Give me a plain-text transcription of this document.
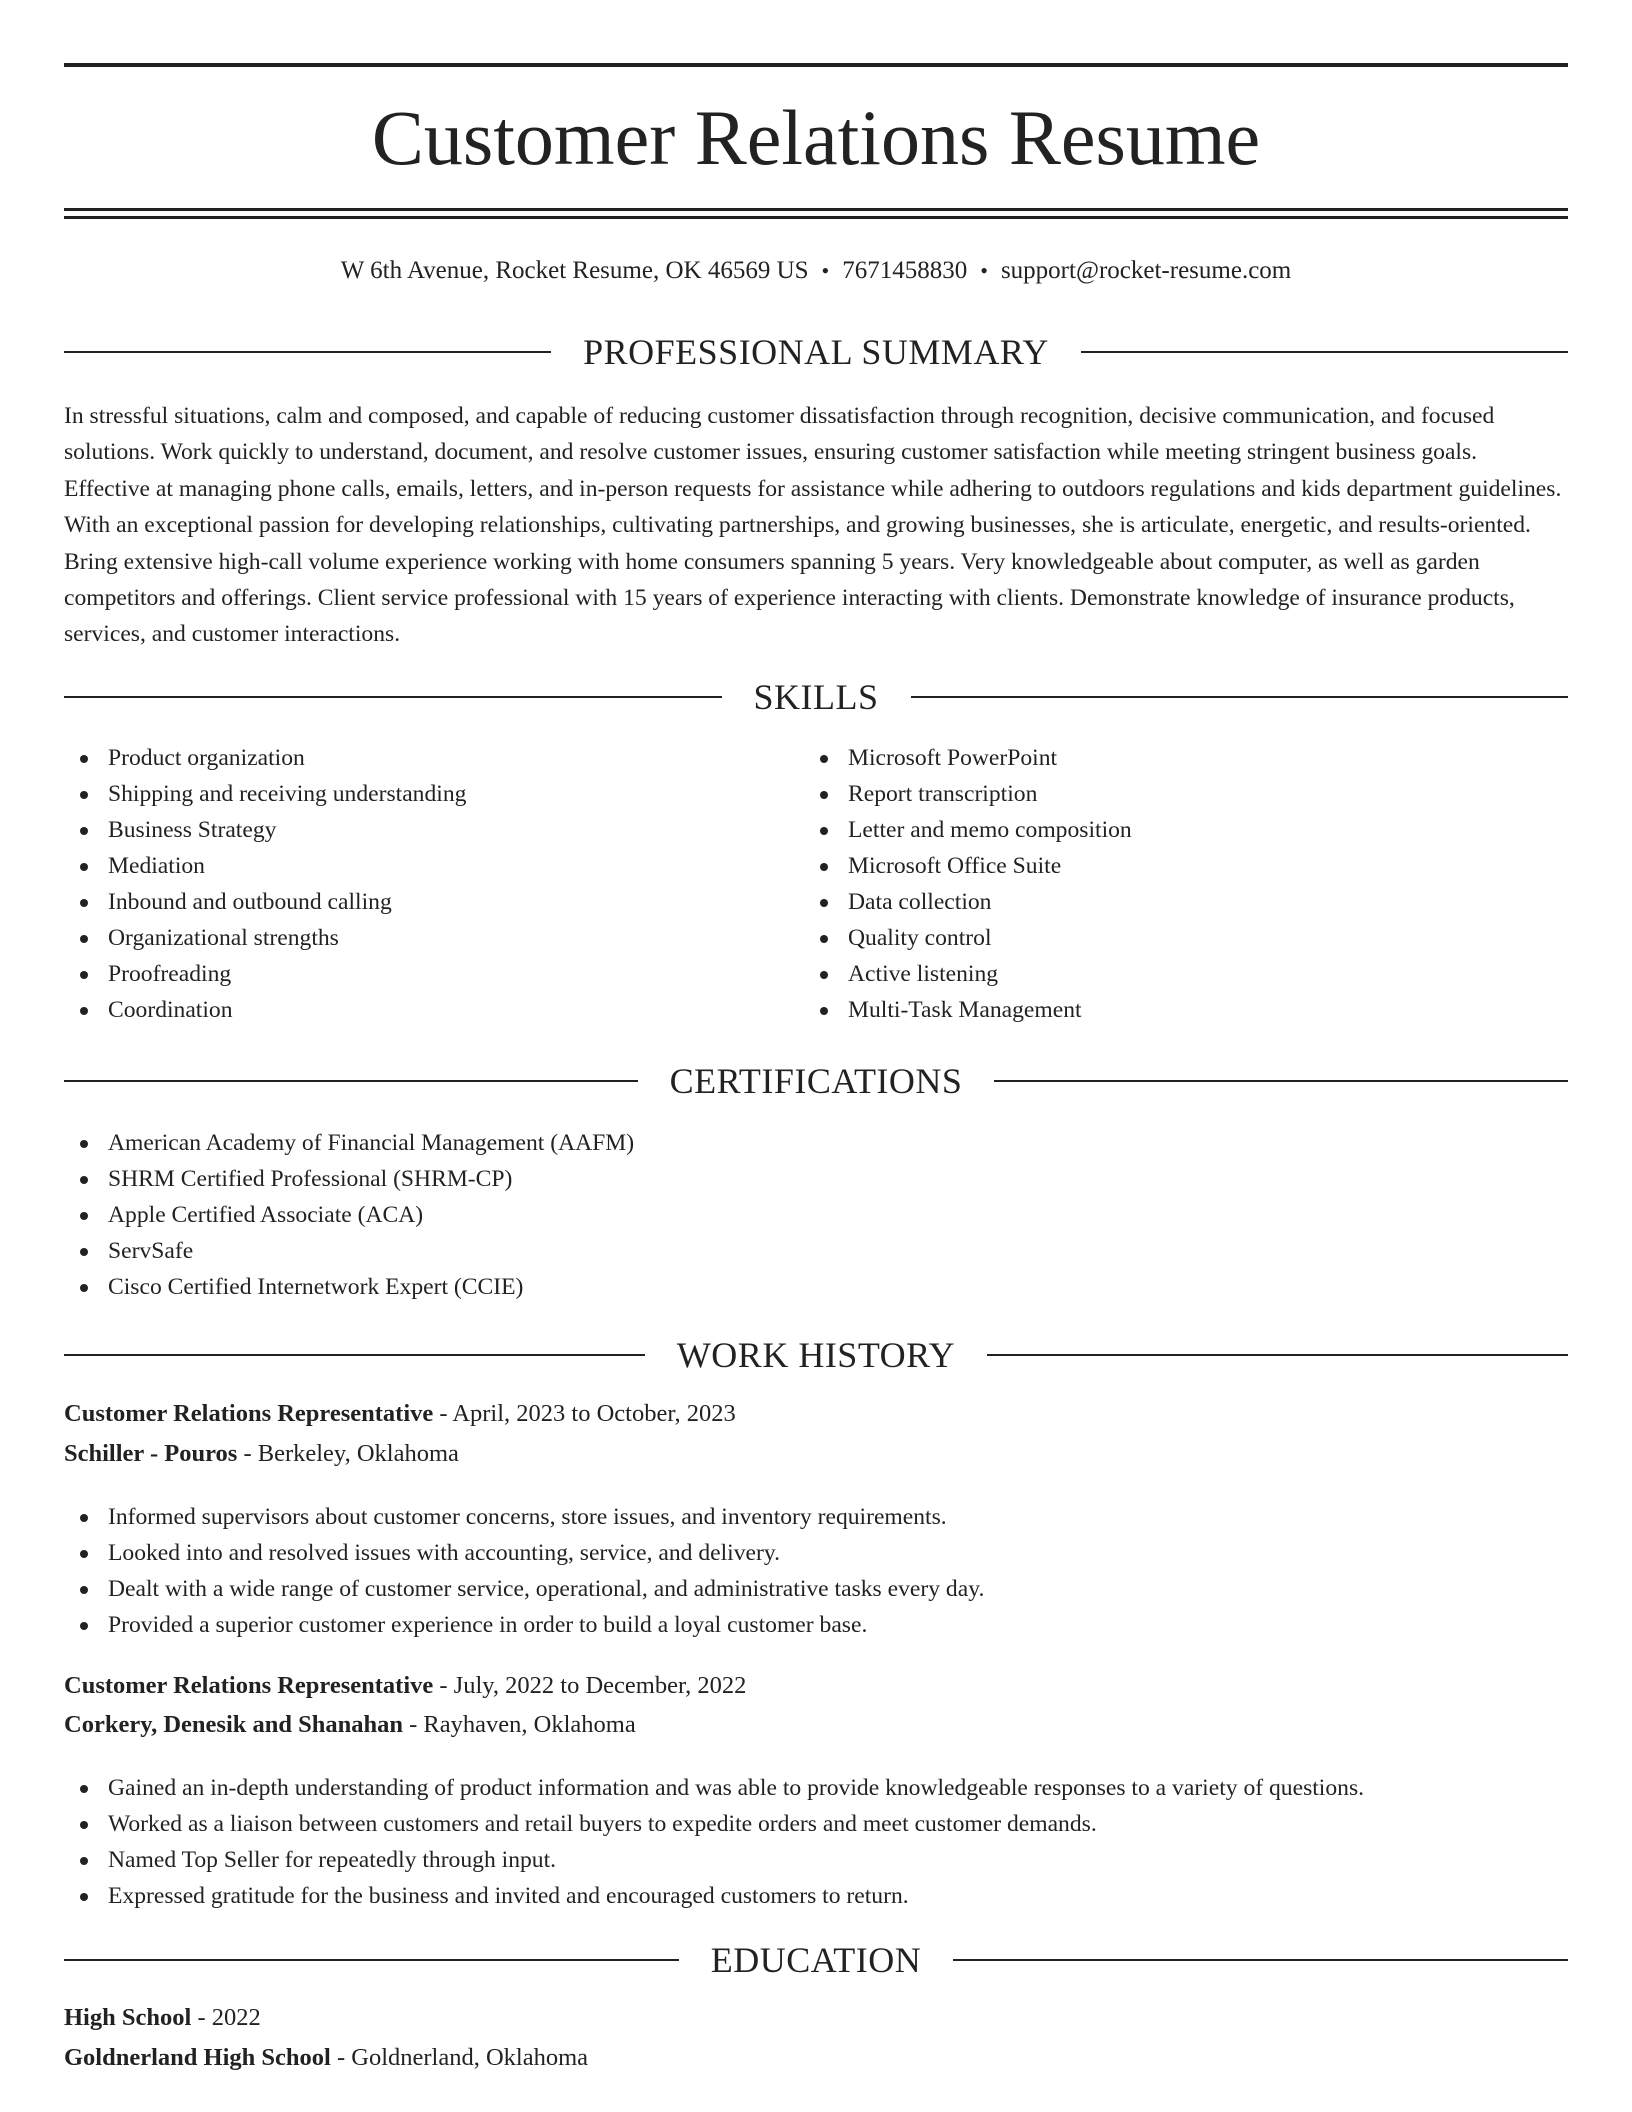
Customer Relations Resume
W 6th Avenue, Rocket Resume, OK 46569 US • 7671458830 • support@rocket-resume.com
PROFESSIONAL SUMMARY

In stressful situations, calm and composed, and capable of reducing customer dissatisfaction through recognition, decisive communication, and focused solutions. Work quickly to understand, document, and resolve customer issues, ensuring customer satisfaction while meeting stringent business goals. Effective at managing phone calls, emails, letters, and in-person requests for assistance while adhering to outdoors regulations and kids department guidelines. With an exceptional passion for developing relationships, cultivating partnerships, and growing businesses, she is articulate, energetic, and results-oriented. Bring extensive high-call volume experience working with home consumers spanning 5 years. Very knowledgeable about computer, as well as garden competitors and offerings. Client service professional with 15 years of experience interacting with clients. Demonstrate knowledge of insurance products, services, and customer interactions.

SKILLS
Product organization
Shipping and receiving understanding
Business Strategy
Mediation
Inbound and outbound calling
Organizational strengths
Proofreading
Coordination
Microsoft PowerPoint
Report transcription
Letter and memo composition
Microsoft Office Suite
Data collection
Quality control
Active listening
Multi-Task Management
CERTIFICATIONS
American Academy of Financial Management (AAFM)
SHRM Certified Professional (SHRM-CP)
Apple Certified Associate (ACA)
ServSafe
Cisco Certified Internetwork Expert (CCIE)
WORK HISTORY
Customer Relations Representative - April, 2023 to October, 2023
Schiller - Pouros - Berkeley, Oklahoma
Informed supervisors about customer concerns, store issues, and inventory requirements.
Looked into and resolved issues with accounting, service, and delivery.
Dealt with a wide range of customer service, operational, and administrative tasks every day.
Provided a superior customer experience in order to build a loyal customer base.
Customer Relations Representative - July, 2022 to December, 2022
Corkery, Denesik and Shanahan - Rayhaven, Oklahoma
Gained an in-depth understanding of product information and was able to provide knowledgeable responses to a variety of questions.
Worked as a liaison between customers and retail buyers to expedite orders and meet customer demands.
Named Top Seller for repeatedly through input.
Expressed gratitude for the business and invited and encouraged customers to return.
EDUCATION
High School - 2022
Goldnerland High School - Goldnerland, Oklahoma
